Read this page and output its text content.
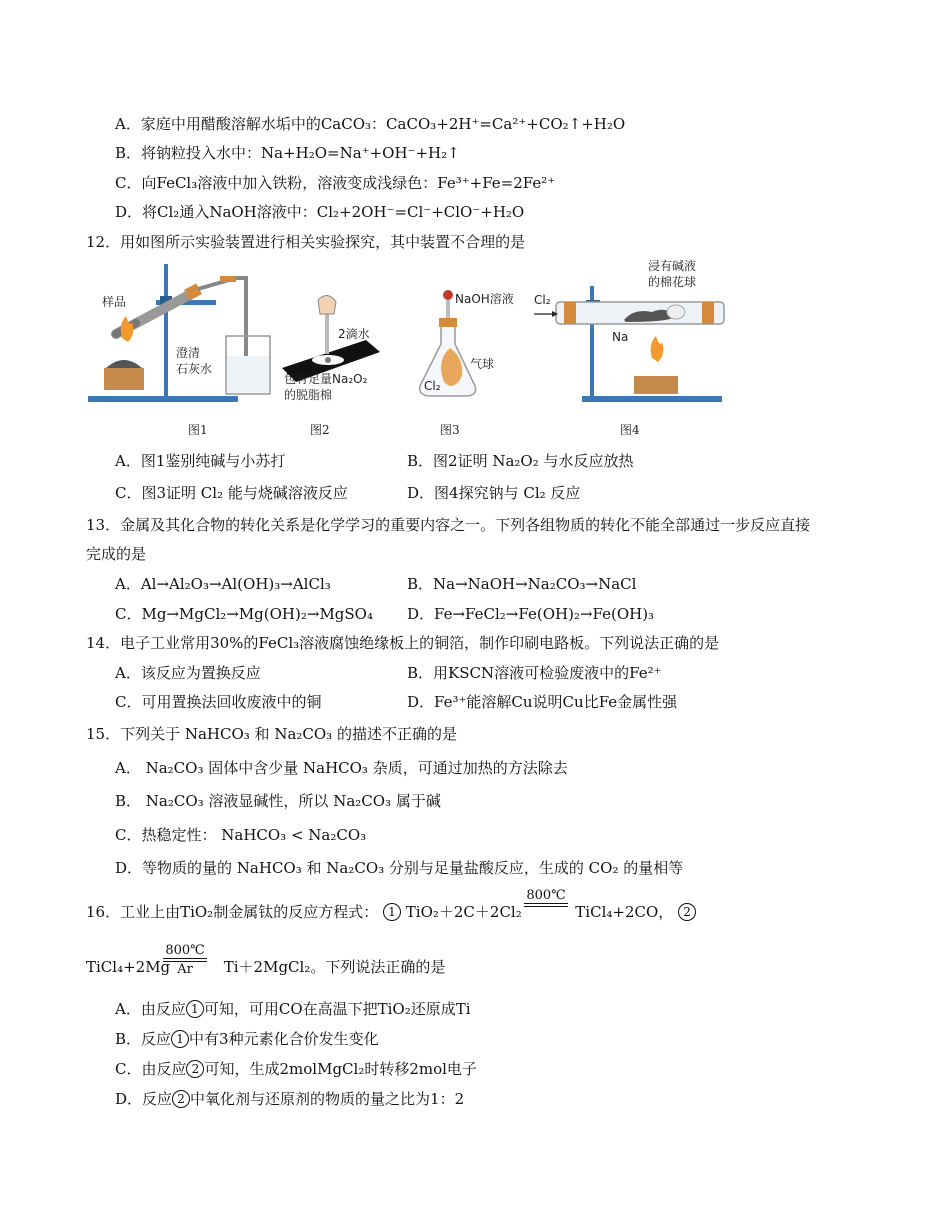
A．家庭中用醋酸溶解水垢中的CaCO₃：CaCO₃+2H⁺=Ca²⁺+CO₂↑+H₂O
B．将钠粒投入水中：Na+H₂O=Na⁺+OH⁻+H₂↑
C．向FeCl₃溶液中加入铁粉，溶液变成浅绿色：Fe³⁺+Fe=2Fe²⁺
D．将Cl₂通入NaOH溶液中：Cl₂+2OH⁻=Cl⁻+ClO⁻+H₂O
12．用如图所示实验装置进行相关实验探究，其中装置不合理的是
样品
澄清
石灰水
2滴水
包有足量Na₂O₂
的脱脂棉
NaOH溶液
气球
Cl₂
Cl₂
浸有碱液
的棉花球
Na
图1	图2	图3	图4
A．图1鉴别纯碱与小苏打	B．图2证明 Na₂O₂ 与水反应放热
C．图3证明 Cl₂ 能与烧碱溶液反应	D．图4探究钠与 Cl₂ 反应
13．金属及其化合物的转化关系是化学学习的重要内容之一。下列各组物质的转化不能全部通过一步反应直接
完成的是
A．Al→Al₂O₃→Al(OH)₃→AlCl₃	B．Na→NaOH→Na₂CO₃→NaCl
C．Mg→MgCl₂→Mg(OH)₂→MgSO₄ D．Fe→FeCl₂→Fe(OH)₂→Fe(OH)₃
14．电子工业常用30%的FeCl₃溶液腐蚀绝缘板上的铜箔，制作印刷电路板。下列说法正确的是
A．该反应为置换反应	B．用KSCN溶液可检验废液中的Fe²⁺
C．可用置换法回收废液中的铜	D．Fe³⁺能溶解Cu说明Cu比Fe金属性强
15．下列关于 NaHCO₃ 和 Na₂CO₃ 的描述不正确的是
A． Na₂CO₃ 固体中含少量 NaHCO₃ 杂质，可通过加热的方法除去
B． Na₂CO₃ 溶液显碱性，所以 Na₂CO₃ 属于碱
C．热稳定性： NaHCO₃ < Na₂CO₃
D．等物质的量的 NaHCO₃ 和 Na₂CO₃ 分别与足量盐酸反应，生成的 CO₂ 的量相等
16．工业上由TiO₂制金属钛的反应方程式： 1 TiO₂＋2C＋2Cl₂	TiCl₄+2CO， 2
800℃
TiCl₄+2Mg	Ti＋2MgCl₂。下列说法正确的是
800℃
Ar
A．由反应 1 可知，可用CO在高温下把TiO₂还原成Ti
B．反应 1 中有3种元素化合价发生变化
C．由反应 2 可知，生成2molMgCl₂时转移2mol电子
D．反应 2 中氧化剂与还原剂的物质的量之比为1：2
